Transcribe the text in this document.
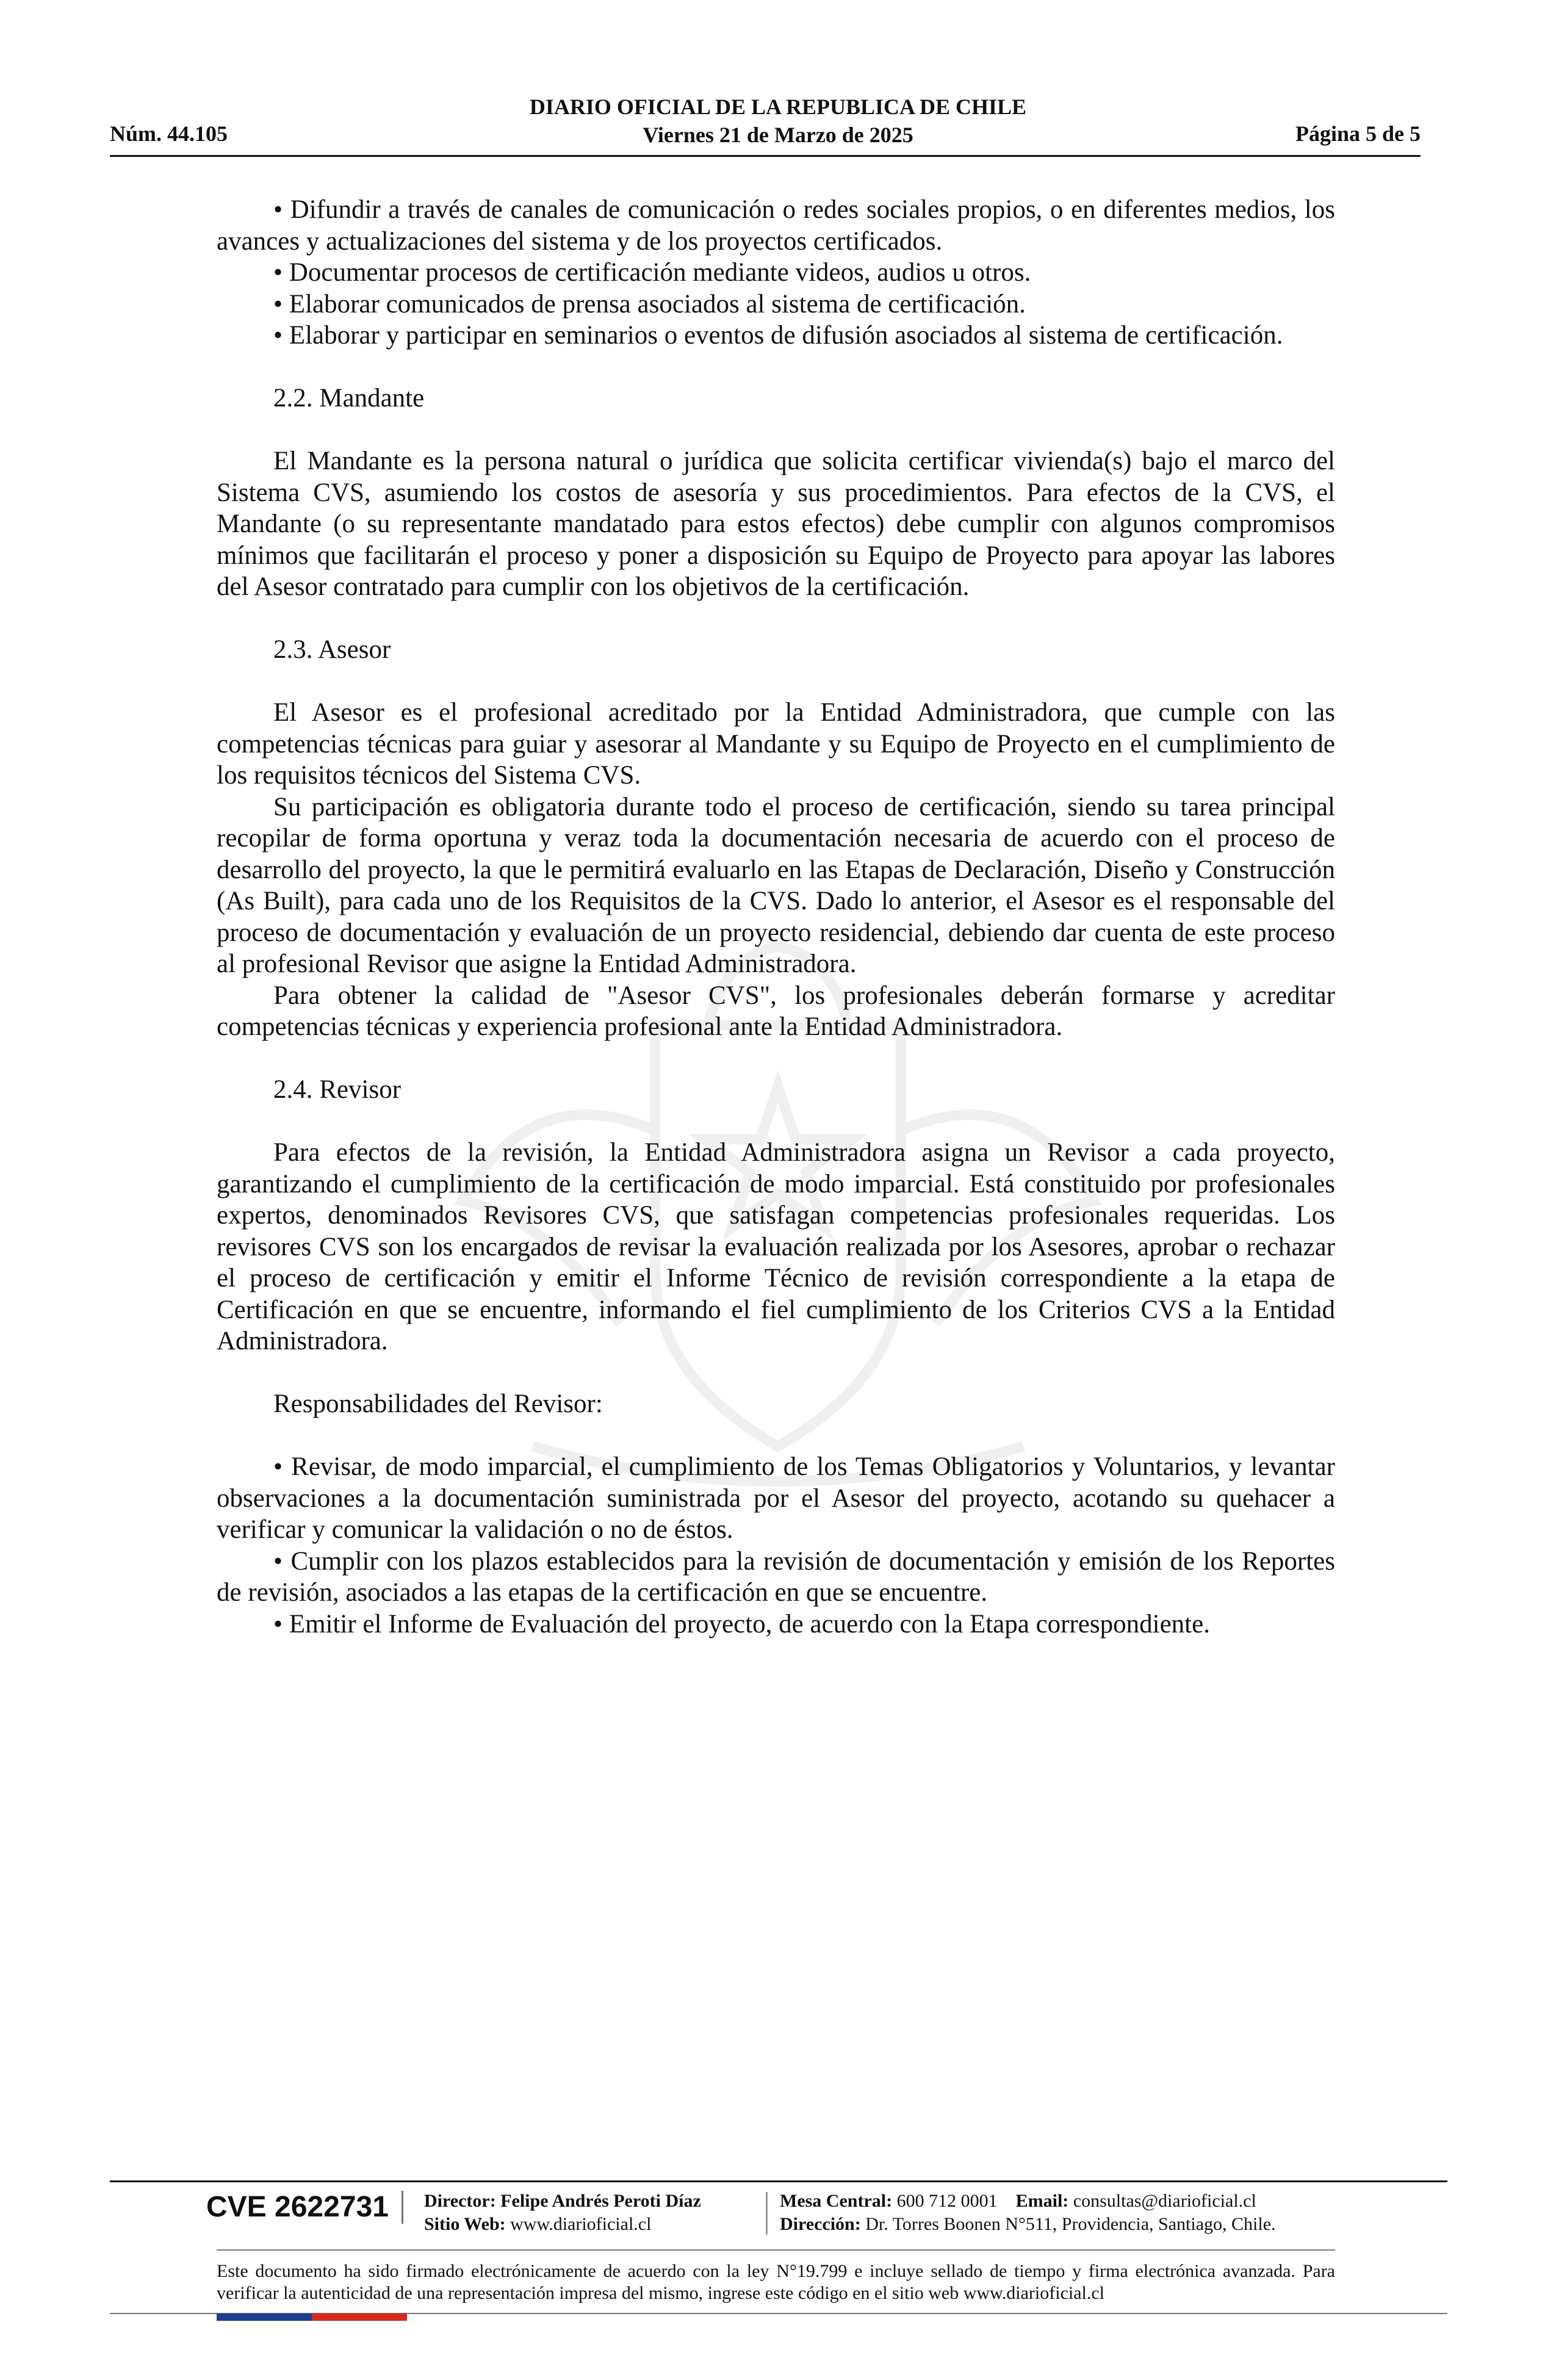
DIARIO OFICIAL DE LA REPUBLICA DE CHILE
Viernes 21 de Marzo de 2025
Núm. 44.105	Página 5 de 5

• Difundir a través de canales de comunicación o redes sociales propios, o en diferentes medios, los avances y actualizaciones del sistema y de los proyectos certificados.

• Documentar procesos de certificación mediante videos, audios u otros.

• Elaborar comunicados de prensa asociados al sistema de certificación.

• Elaborar y participar en seminarios o eventos de difusión asociados al sistema de certificación.

2.2. Mandante

El Mandante es la persona natural o jurídica que solicita certificar vivienda(s) bajo el marco del Sistema CVS, asumiendo los costos de asesoría y sus procedimientos. Para efectos de la CVS, el Mandante (o su representante mandatado para estos efectos) debe cumplir con algunos compromisos mínimos que facilitarán el proceso y poner a disposición su Equipo de Proyecto para apoyar las labores del Asesor contratado para cumplir con los objetivos de la certificación.

2.3. Asesor

El Asesor es el profesional acreditado por la Entidad Administradora, que cumple con las competencias técnicas para guiar y asesorar al Mandante y su Equipo de Proyecto en el cumplimiento de los requisitos técnicos del Sistema CVS.

Su participación es obligatoria durante todo el proceso de certificación, siendo su tarea principal recopilar de forma oportuna y veraz toda la documentación necesaria de acuerdo con el proceso de desarrollo del proyecto, la que le permitirá evaluarlo en las Etapas de Declaración, Diseño y Construcción (As Built), para cada uno de los Requisitos de la CVS. Dado lo anterior, el Asesor es el responsable del proceso de documentación y evaluación de un proyecto residencial, debiendo dar cuenta de este proceso al profesional Revisor que asigne la Entidad Administradora.

Para obtener la calidad de "Asesor CVS", los profesionales deberán formarse y acreditar competencias técnicas y experiencia profesional ante la Entidad Administradora.

2.4. Revisor

Para efectos de la revisión, la Entidad Administradora asigna un Revisor a cada proyecto, garantizando el cumplimiento de la certificación de modo imparcial. Está constituido por profesionales expertos, denominados Revisores CVS, que satisfagan competencias profesionales requeridas. Los revisores CVS son los encargados de revisar la evaluación realizada por los Asesores, aprobar o rechazar el proceso de certificación y emitir el Informe Técnico de revisión correspondiente a la etapa de Certificación en que se encuentre, informando el fiel cumplimiento de los Criterios CVS a la Entidad Administradora.

Responsabilidades del Revisor:

• Revisar, de modo imparcial, el cumplimiento de los Temas Obligatorios y Voluntarios, y levantar observaciones a la documentación suministrada por el Asesor del proyecto, acotando su quehacer a verificar y comunicar la validación o no de éstos.

• Cumplir con los plazos establecidos para la revisión de documentación y emisión de los Reportes de revisión, asociados a las etapas de la certificación en que se encuentre.

• Emitir el Informe de Evaluación del proyecto, de acuerdo con la Etapa correspondiente.

CVE 2622731	Director: Felipe Andrés Peroti Díaz
Sitio Web: www.diarioficial.cl
Mesa Central: 600 712 0001 Email: consultas@diarioficial.cl
Dirección: Dr. Torres Boonen N°511, Providencia, Santiago, Chile.
Este documento ha sido firmado electrónicamente de acuerdo con la ley N°19.799 e incluye sellado de tiempo y firma electrónica avanzada. Para verificar la autenticidad de una representación impresa del mismo, ingrese este código en el sitio web www.diarioficial.cl
